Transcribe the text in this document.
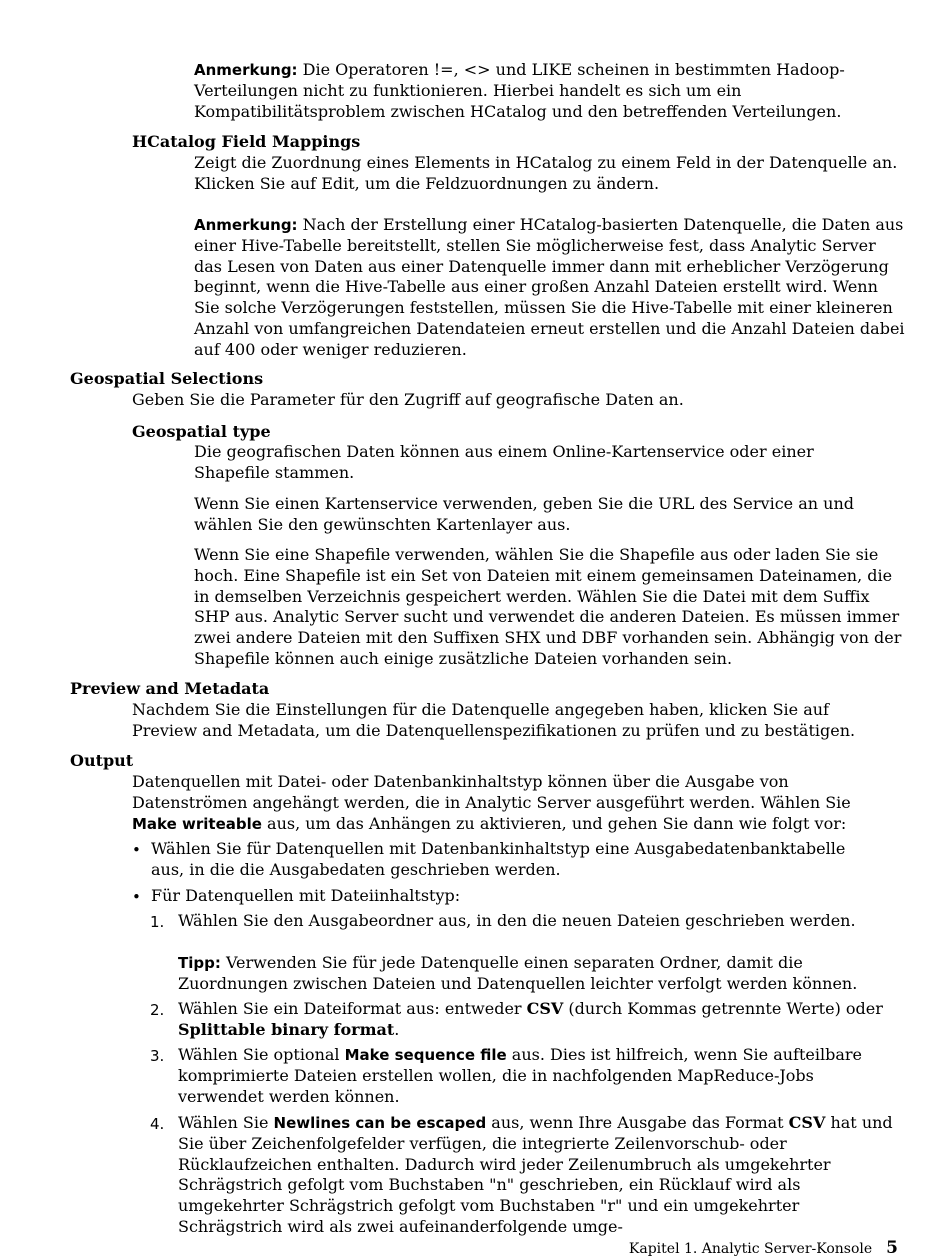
Anmerkung: Die Operatoren !=, <> und LIKE scheinen in bestimmten Hadoop-Verteilungen nicht zu funktionieren. Hierbei handelt es sich um ein Kompatibilitätsproblem zwischen HCatalog und den betreffenden Verteilungen.

HCatalog Field Mappings

Zeigt die Zuordnung eines Elements in HCatalog zu einem Feld in der Datenquelle an. Klicken Sie auf Edit, um die Feldzuordnungen zu ändern.

Anmerkung: Nach der Erstellung einer HCatalog-basierten Datenquelle, die Daten aus einer Hive-Tabelle bereitstellt, stellen Sie möglicherweise fest, dass Analytic Server das Lesen von Daten aus einer Datenquelle immer dann mit erheblicher Verzögerung beginnt, wenn die Hive-Tabelle aus einer großen Anzahl Dateien erstellt wird. Wenn Sie solche Verzögerungen feststellen, müssen Sie die Hive-Tabelle mit einer kleineren Anzahl von umfangreichen Datendateien erneut erstellen und die Anzahl Dateien dabei auf 400 oder weniger reduzieren.

Geospatial Selections
Geben Sie die Parameter für den Zugriff auf geografische Daten an.
Geospatial type
Die geografischen Daten können aus einem Online-Kartenservice oder einer Shapefile stammen.
Wenn Sie einen Kartenservice verwenden, geben Sie die URL des Service an und wählen Sie den gewünschten Kartenlayer aus.
Wenn Sie eine Shapefile verwenden, wählen Sie die Shapefile aus oder laden Sie sie hoch. Eine Shapefile ist ein Set von Dateien mit einem gemeinsamen Dateinamen, die in demselben Verzeichnis gespeichert werden. Wählen Sie die Datei mit dem Suffix SHP aus. Analytic Server sucht und verwendet die anderen Dateien. Es müssen immer zwei andere Dateien mit den Suffixen SHX und DBF vorhanden sein. Abhängig von der Shapefile können auch einige zusätzliche Dateien vorhanden sein.
Preview and Metadata
Nachdem Sie die Einstellungen für die Datenquelle angegeben haben, klicken Sie auf Preview and Metadata, um die Datenquellenspezifikationen zu prüfen und zu bestätigen.
Output

Datenquellen mit Datei- oder Datenbankinhaltstyp können über die Ausgabe von Datenströmen angehängt werden, die in Analytic Server ausgeführt werden. Wählen Sie Make writeable aus, um das Anhängen zu aktivieren, und gehen Sie dann wie folgt vor:

• Wählen Sie für Datenquellen mit Datenbankinhaltstyp eine Ausgabedatenbanktabelle aus, in die die Ausgabedaten geschrieben werden.
• Für Datenquellen mit Dateiinhaltstyp:
1. Wählen Sie den Ausgabeordner aus, in den die neuen Dateien geschrieben werden.

Tipp: Verwenden Sie für jede Datenquelle einen separaten Ordner, damit die Zuordnungen zwischen Dateien und Datenquellen leichter verfolgt werden können.

2. Wählen Sie ein Dateiformat aus: entweder CSV (durch Kommas getrennte Werte) oder Splittable binary format.

3. Wählen Sie optional Make sequence file aus. Dies ist hilfreich, wenn Sie aufteilbare komprimierte Dateien erstellen wollen, die in nachfolgenden MapReduce-Jobs verwendet werden können.

4. Wählen Sie Newlines can be escaped aus, wenn Ihre Ausgabe das Format CSV hat und Sie über Zeichenfolgefelder verfügen, die integrierte Zeilenvorschub- oder Rücklaufzeichen enthalten. Dadurch wird jeder Zeilenumbruch als umgekehrter Schrägstrich gefolgt vom Buchstaben "n" geschrieben, ein Rücklauf wird als umgekehrter Schrägstrich gefolgt vom Buchstaben "r" und ein umgekehrter Schrägstrich wird als zwei aufeinanderfolgende umge-

Kapitel 1. Analytic Server-Konsole 5
